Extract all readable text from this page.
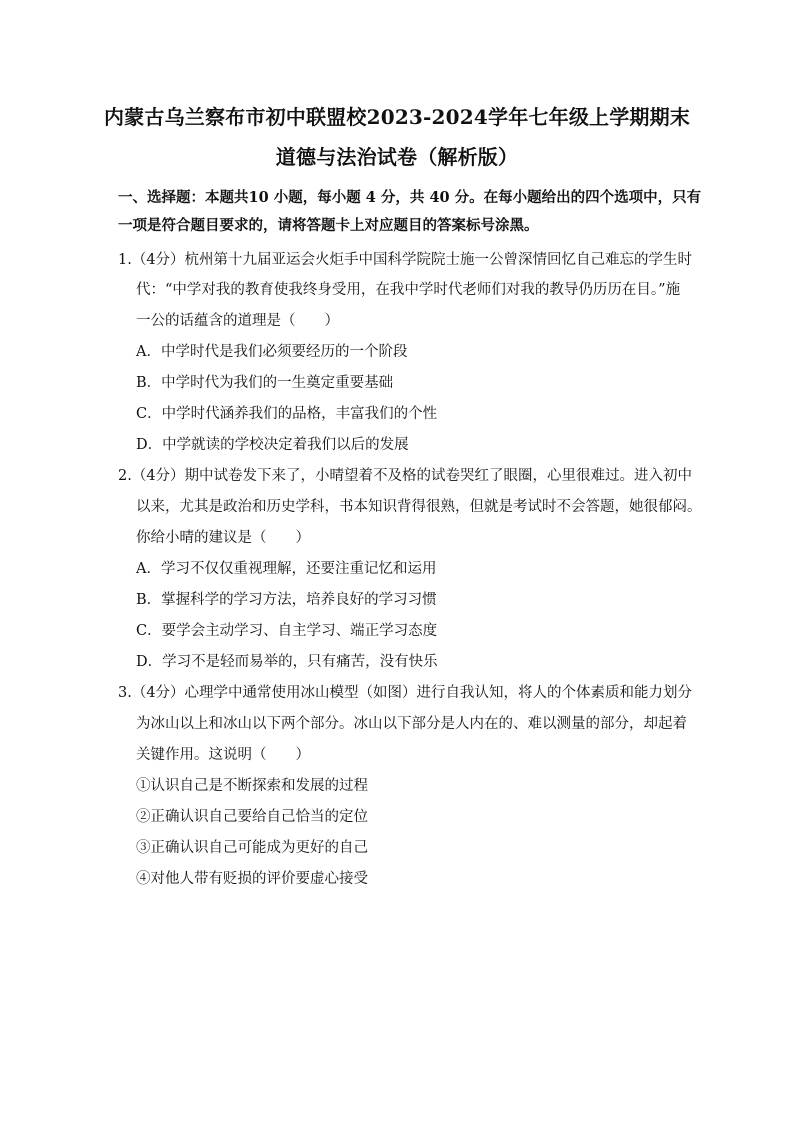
内蒙古乌兰察布市初中联盟校2023-2024学年七年级上学期期末
道德与法治试卷（解析版）
一、选择题：本题共10 小题，每小题 4 分，共 40 分。在每小题给出的四个选项中，只有
一项是符合题目要求的，请将答题卡上对应题目的答案标号涂黑。
1.（4分）杭州第十九届亚运会火炬手中国科学院院士施一公曾深情回忆自己难忘的学生时
代：“中学对我的教育使我终身受用，在我中学时代老师们对我的教导仍历历在目。”施
一公的话蕴含的道理是（　　）
A．中学时代是我们必须要经历的一个阶段
B．中学时代为我们的一生奠定重要基础
C．中学时代涵养我们的品格，丰富我们的个性
D．中学就读的学校决定着我们以后的发展
2.（4分）期中试卷发下来了，小晴望着不及格的试卷哭红了眼圈，心里很难过。进入初中
以来，尤其是政治和历史学科，书本知识背得很熟，但就是考试时不会答题，她很郁闷。
你给小晴的建议是（　　）
A．学习不仅仅重视理解，还要注重记忆和运用
B．掌握科学的学习方法，培养良好的学习习惯
C．要学会主动学习、自主学习、端正学习态度
D．学习不是轻而易举的，只有痛苦，没有快乐
3.（4分）心理学中通常使用冰山模型（如图）进行自我认知，将人的个体素质和能力划分
为冰山以上和冰山以下两个部分。冰山以下部分是人内在的、难以测量的部分，却起着
关键作用。这说明（　　）
①认识自己是不断探索和发展的过程
②正确认识自己要给自己恰当的定位
③正确认识自己可能成为更好的自己
④对他人带有贬损的评价要虚心接受
